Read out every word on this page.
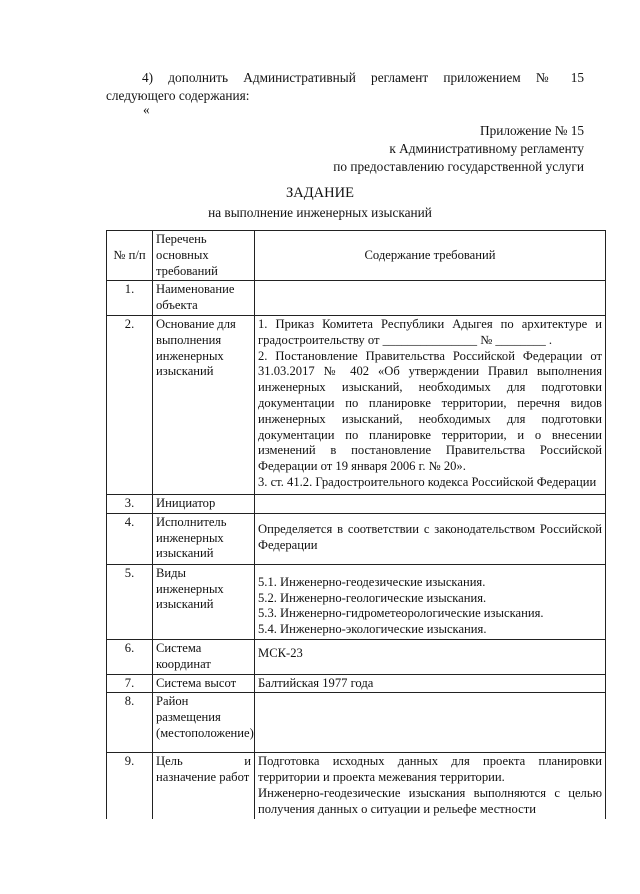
4) дополнить Административный регламент приложением № 15
следующего содержания:
«
Приложение № 15
к Административному регламенту
по предоставлению государственной услуги
ЗАДАНИЕ
на выполнение инженерных изысканий
№ п/п	Перечень основных требований	Содержание требований
1.	Наименование объекта	
2.	Основание для выполнения инженерных изысканий	1. Приказ Комитета Республики Адыгея по архитектуре и градостроительству от _______________ № ________ .

2. Постановление Правительства Российской Федерации от 31.03.2017 № 402 «Об утверждении Правил выполнения инженерных изысканий, необходимых для подготовки документации по планировке территории, перечня видов инженерных изысканий, необходимых для подготовки документации по планировке территории, и о внесении изменений в постановление Правительства Российской Федерации от 19 января 2006 г. № 20».

3. ст. 41.2. Градостроительного кодекса Российской Федерации

3.	Инициатор	
4.	Исполнитель инженерных изысканий	Определяется в соответствии с законодательством Российской Федерации

5.	Виды инженерных изысканий	5.1. Инженерно-геодезические изыскания.

5.2. Инженерно-геологические изыскания.

5.3. Инженерно-гидрометеорологические изыскания.

5.4. Инженерно-экологические изыскания.

6.	Система координат	МСК-23

7.	Система высот	Балтийская 1977 года

8.	Район размещения (местоположение)	
9.	Цель и назначение работ	Подготовка исходных данных для проекта планировки территории и проекта межевания территории.

Инженерно-геодезические изыскания выполняются с целью получения данных о ситуации и рельефе местности
